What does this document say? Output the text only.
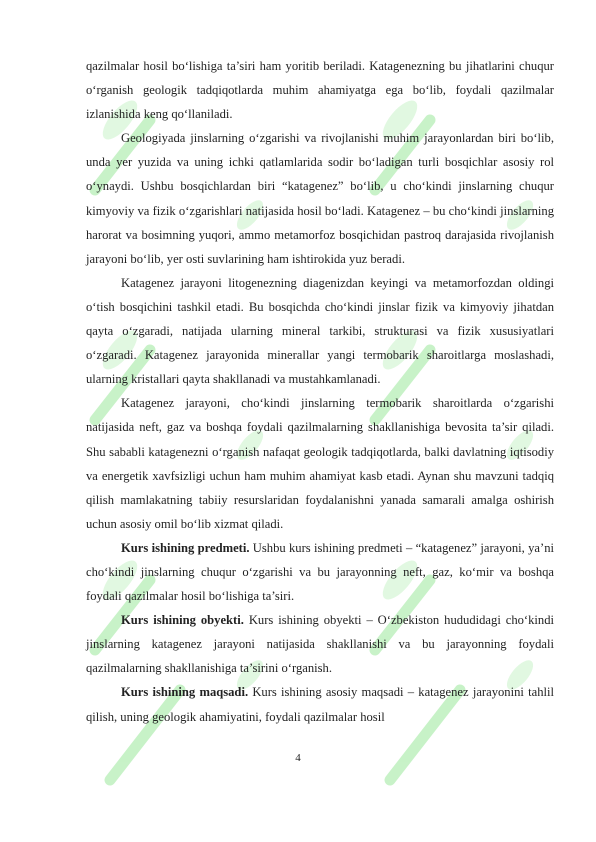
qazilmalar hosil bo‘lishiga ta’siri ham yoritib beriladi. Katagenezning bu jihatlarini chuqur o‘rganish geologik tadqiqotlarda muhim ahamiyatga ega bo‘lib, foydali qazilmalar izlanishida keng qo‘llaniladi.

Geologiyada jinslarning o‘zgarishi va rivojlanishi muhim jarayonlardan biri bo‘lib, unda yer yuzida va uning ichki qatlamlarida sodir bo‘ladigan turli bosqichlar asosiy rol o‘ynaydi. Ushbu bosqichlardan biri “katagenez” bo‘lib, u cho‘kindi jinslarning chuqur kimyoviy va fizik o‘zgarishlari natijasida hosil bo‘ladi. Katagenez – bu cho‘kindi jinslarning harorat va bosimning yuqori, ammo metamorfoz bosqichidan pastroq darajasida rivojlanish jarayoni bo‘lib, yer osti suvlarining ham ishtirokida yuz beradi.

Katagenez jarayoni litogenezning diagenizdan keyingi va metamorfozdan oldingi o‘tish bosqichini tashkil etadi. Bu bosqichda cho‘kindi jinslar fizik va kimyoviy jihatdan qayta o‘zgaradi, natijada ularning mineral tarkibi, strukturasi va fizik xususiyatlari o‘zgaradi. Katagenez jarayonida minerallar yangi termobarik sharoitlarga moslashadi, ularning kristallari qayta shakllanadi va mustahkamlanadi.

Katagenez jarayoni, cho‘kindi jinslarning termobarik sharoitlarda o‘zgarishi natijasida neft, gaz va boshqa foydali qazilmalarning shakllanishiga bevosita ta’sir qiladi. Shu sababli katagenezni o‘rganish nafaqat geologik tadqiqotlarda, balki davlatning iqtisodiy va energetik xavfsizligi uchun ham muhim ahamiyat kasb etadi. Aynan shu mavzuni tadqiq qilish mamlakatning tabiiy resurslaridan foydalanishni yanada samarali amalga oshirish uchun asosiy omil bo‘lib xizmat qiladi.

Kurs ishining predmeti. Ushbu kurs ishining predmeti – “katagenez” jarayoni, ya’ni cho‘kindi jinslarning chuqur o‘zgarishi va bu jarayonning neft, gaz, ko‘mir va boshqa foydali qazilmalar hosil bo‘lishiga ta’siri.

Kurs ishining obyekti. Kurs ishining obyekti – O‘zbekiston hududidagi cho‘kindi jinslarning katagenez jarayoni natijasida shakllanishi va bu jarayonning foydali qazilmalarning shakllanishiga ta’sirini o‘rganish.

Kurs ishining maqsadi. Kurs ishining asosiy maqsadi – katagenez jarayonini tahlil qilish, uning geologik ahamiyatini, foydali qazilmalar hosil

4
